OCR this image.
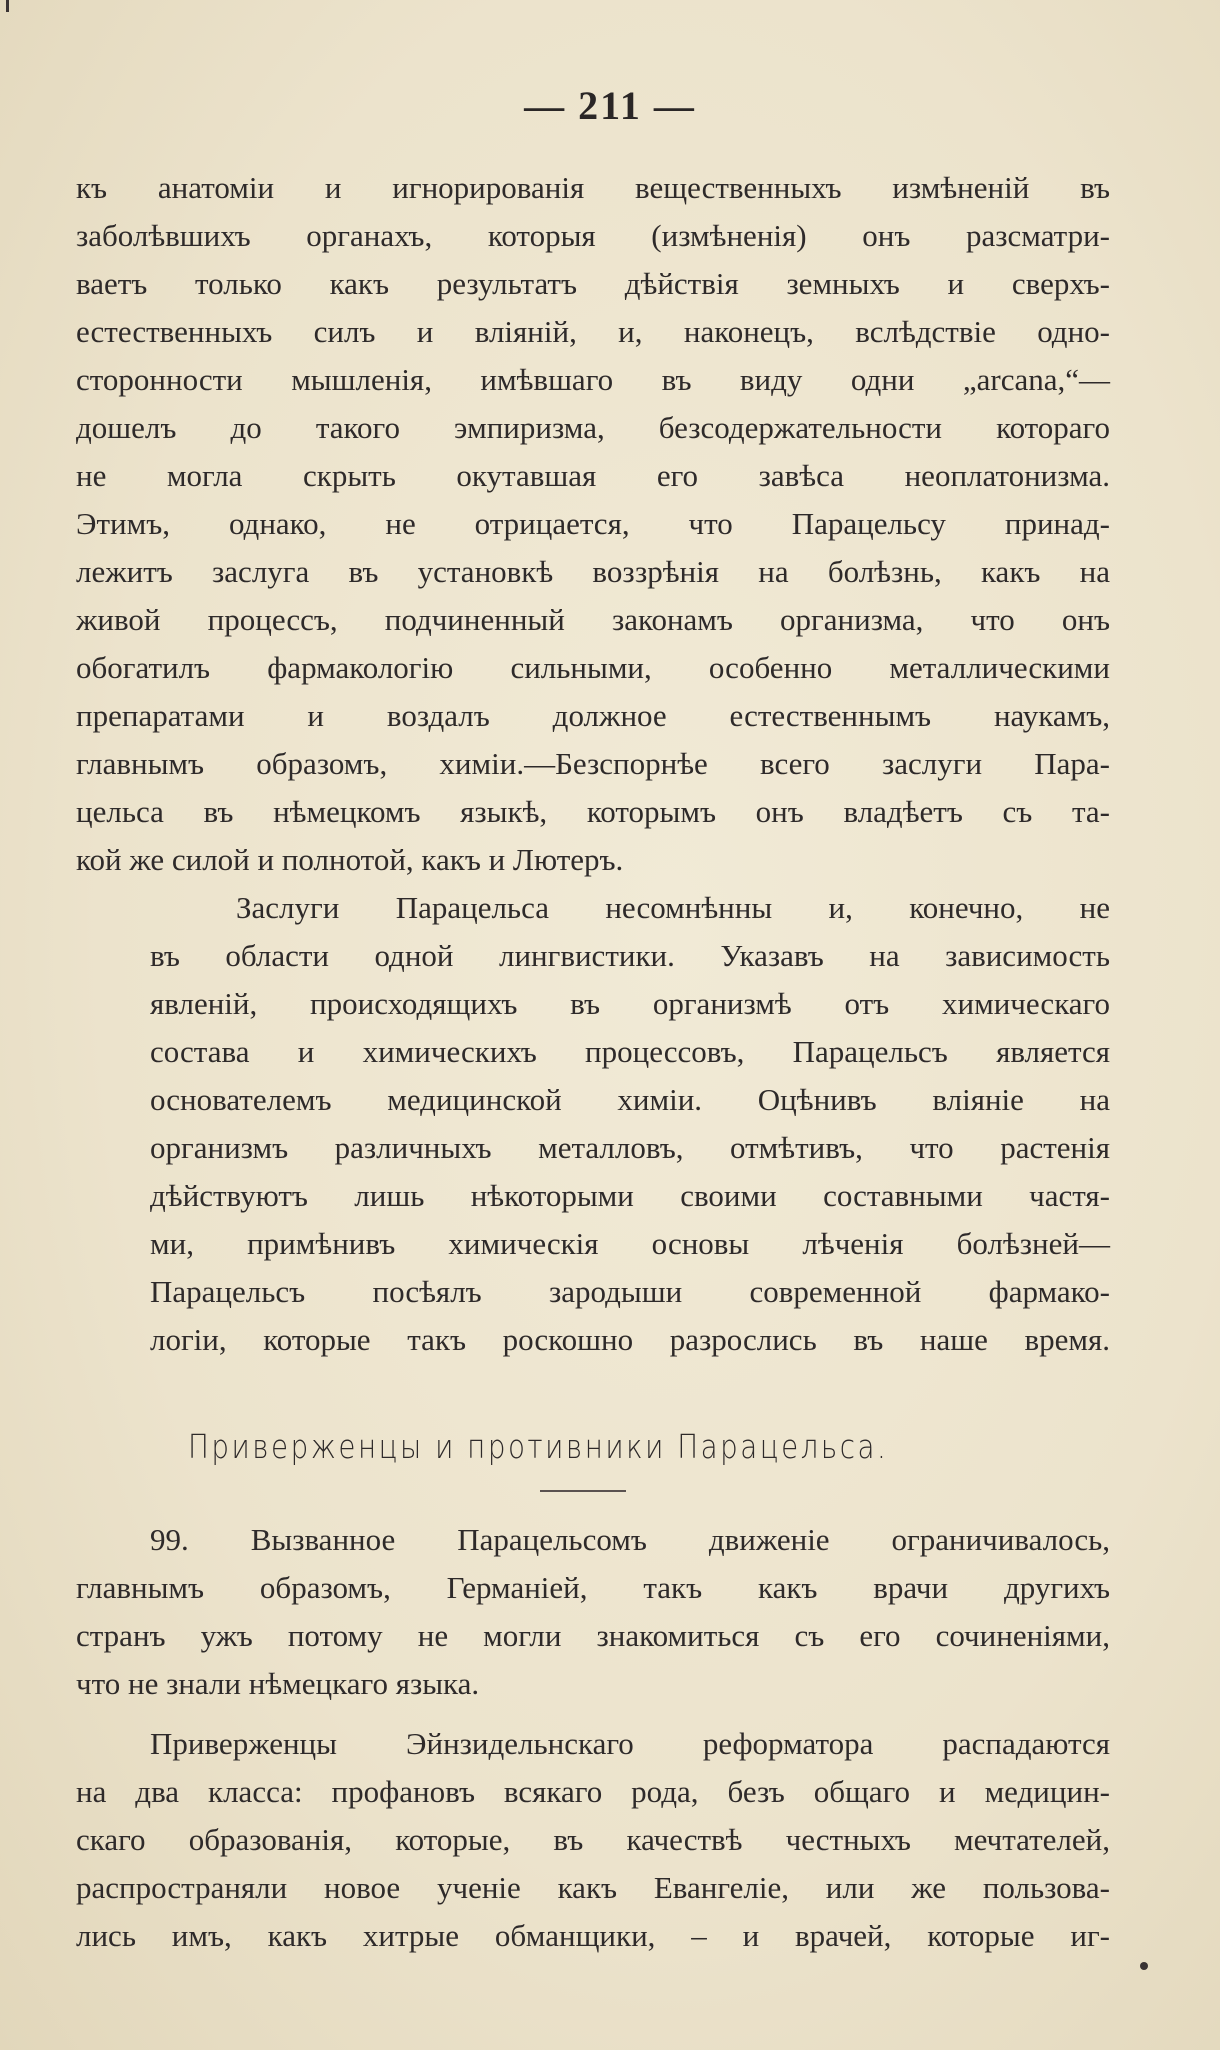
— 211 —
къ анатоміи и игнорированія вещественныхъ измѣненій въ
заболѣвшихъ органахъ, которыя (измѣненія) онъ разсматри-
ваетъ только какъ результатъ дѣйствія земныхъ и сверхъ-
естественныхъ силъ и вліяній, и, наконецъ, вслѣдствіе одно-
сторонности мышленія, имѣвшаго въ виду одни „arcana,“—
дошелъ до такого эмпиризма, безсодержательности котораго
не могла скрыть окутавшая его завѣса неоплатонизма.
Этимъ, однако, не отрицается, что Парацельсу принад-
лежитъ заслуга въ установкѣ воззрѣнія на болѣзнь, какъ на
живой процессъ, подчиненный законамъ организма, что онъ
обогатилъ фармакологію сильными, особенно металлическими
препаратами и воздалъ должное естественнымъ наукамъ,
главнымъ образомъ, химіи.—Безспорнѣе всего заслуги Пара-
цельса въ нѣмецкомъ языкѣ, которымъ онъ владѣетъ съ та-
кой же силой и полнотой, какъ и Лютеръ.
Заслуги Парацельса несомнѣнны и, конечно, не
въ области одной лингвистики. Указавъ на зависимость
явленій, происходящихъ въ организмѣ отъ химическаго
состава и химическихъ процессовъ, Парацельсъ является
основателемъ медицинской химіи. Оцѣнивъ вліяніе на
организмъ различныхъ металловъ, отмѣтивъ, что растенія
дѣйствуютъ лишь нѣкоторыми своими составными частя-
ми, примѣнивъ химическія основы лѣченія болѣзней—
Парацельсъ посѣялъ зародыши современной фармако-
логіи, которые такъ роскошно разрослись въ наше время.
Приверженцы и противники Парацельса.
99. Вызванное Парацельсомъ движеніе ограничивалось,
главнымъ образомъ, Германіей, такъ какъ врачи другихъ
странъ ужъ потому не могли знакомиться съ его сочиненіями,
что не знали нѣмецкаго языка.
Приверженцы Эйнзидельнскаго реформатора распадаются
на два класса: профановъ всякаго рода, безъ общаго и медицин-
скаго образованія, которые, въ качествѣ честныхъ мечтателей,
распространяли новое ученіе какъ Евангеліе, или же пользова-
лись имъ, какъ хитрые обманщики, – и врачей, которые иг-
